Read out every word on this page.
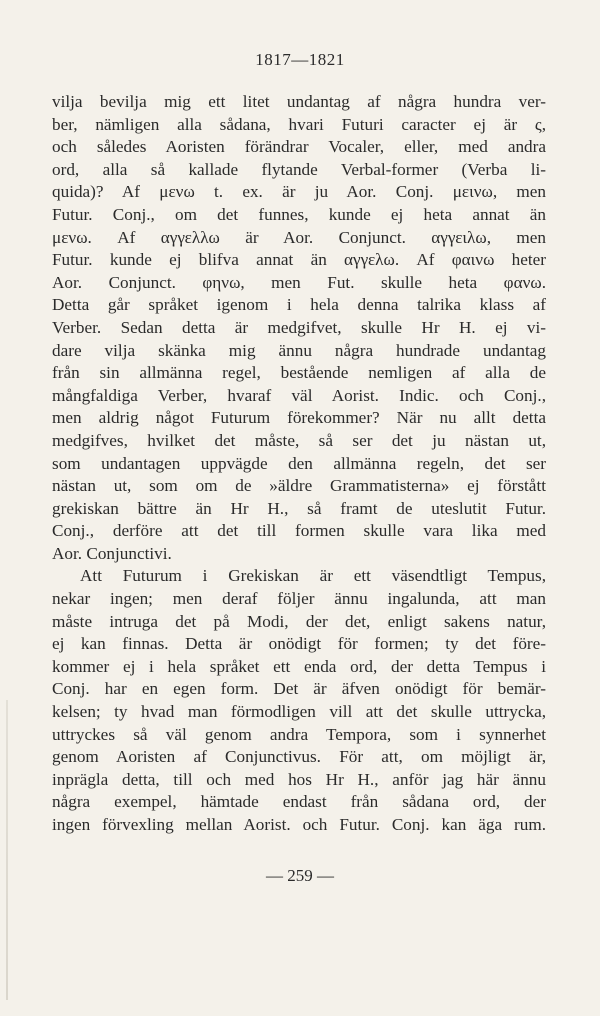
1817—1821
vilja bevilja mig ett litet undantag af några hundra ver-
ber, nämligen alla sådana, hvari Futuri caracter ej är ς,
och således Aoristen förändrar Vocaler, eller, med andra
ord, alla så kallade flytande Verbal-former (Verba li-
quida)? Af μενω t. ex. är ju Aor. Conj. μεινω, men
Futur. Conj., om det funnes, kunde ej heta annat än
μενω. Af αγγελλω är Aor. Conjunct. αγγειλω, men
Futur. kunde ej blifva annat än αγγελω. Af φαινω heter
Aor. Conjunct. φηνω, men Fut. skulle heta φανω.
Detta går språket igenom i hela denna talrika klass af
Verber. Sedan detta är medgifvet, skulle Hr H. ej vi-
dare vilja skänka mig ännu några hundrade undantag
från sin allmänna regel, bestående nemligen af alla de
mångfaldiga Verber, hvaraf väl Aorist. Indic. och Conj.,
men aldrig något Futurum förekommer? När nu allt detta
medgifves, hvilket det måste, så ser det ju nästan ut,
som undantagen uppvägde den allmänna regeln, det ser
nästan ut, som om de »äldre Grammatisterna» ej förstått
grekiskan bättre än Hr H., så framt de uteslutit Futur.
Conj., derföre att det till formen skulle vara lika med
Aor. Conjunctivi.
Att Futurum i Grekiskan är ett väsendtligt Tempus,
nekar ingen; men deraf följer ännu ingalunda, att man
måste intruga det på Modi, der det, enligt sakens natur,
ej kan finnas. Detta är onödigt för formen; ty det före-
kommer ej i hela språket ett enda ord, der detta Tempus i
Conj. har en egen form. Det är äfven onödigt för bemär-
kelsen; ty hvad man förmodligen vill att det skulle uttrycka,
uttryckes så väl genom andra Tempora, som i synnerhet
genom Aoristen af Conjunctivus. För att, om möjligt är,
inprägla detta, till och med hos Hr H., anför jag här ännu
några exempel, hämtade endast från sådana ord, der
ingen förvexling mellan Aorist. och Futur. Conj. kan äga rum.
— 259 —
